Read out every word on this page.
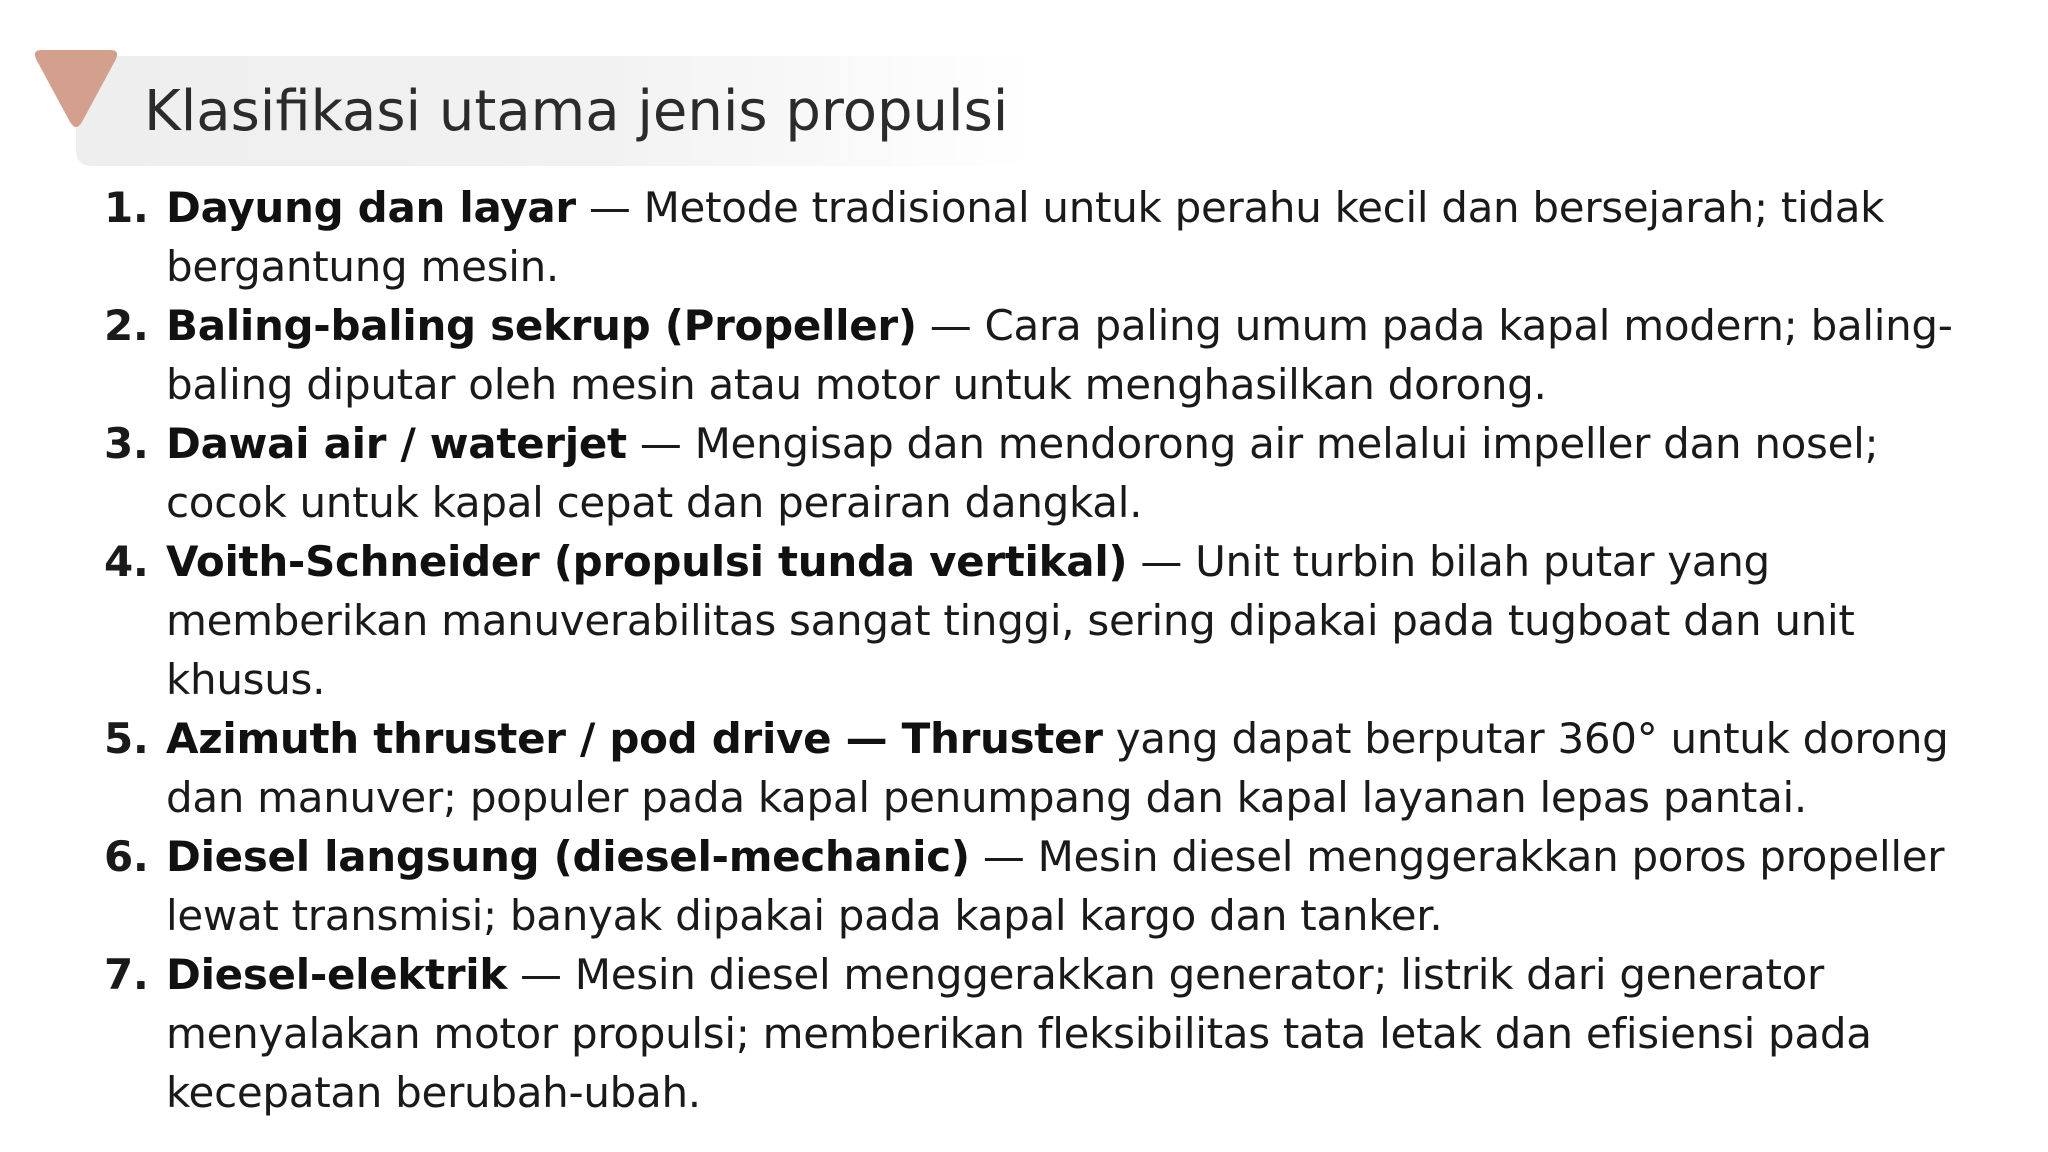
Klasifikasi utama jenis propulsi
1. Dayung dan layar — Metode tradisional untuk perahu kecil dan bersejarah; tidak bergantung mesin.
2. Baling-baling sekrup (Propeller) — Cara paling umum pada kapal modern; baling-baling diputar oleh mesin atau motor untuk menghasilkan dorong.
3. Dawai air / waterjet — Mengisap dan mendorong air melalui impeller dan nosel; cocok untuk kapal cepat dan perairan dangkal.
4. Voith-Schneider (propulsi tunda vertikal) — Unit turbin bilah putar yang memberikan manuverabilitas sangat tinggi, sering dipakai pada tugboat dan unit khusus.
5. Azimuth thruster / pod drive — Thruster yang dapat berputar 360° untuk dorong dan manuver; populer pada kapal penumpang dan kapal layanan lepas pantai.
6. Diesel langsung (diesel-mechanic) — Mesin diesel menggerakkan poros propeller lewat transmisi; banyak dipakai pada kapal kargo dan tanker.
7. Diesel-elektrik — Mesin diesel menggerakkan generator; listrik dari generator menyalakan motor propulsi; memberikan fleksibilitas tata letak dan efisiensi pada kecepatan berubah-ubah.
